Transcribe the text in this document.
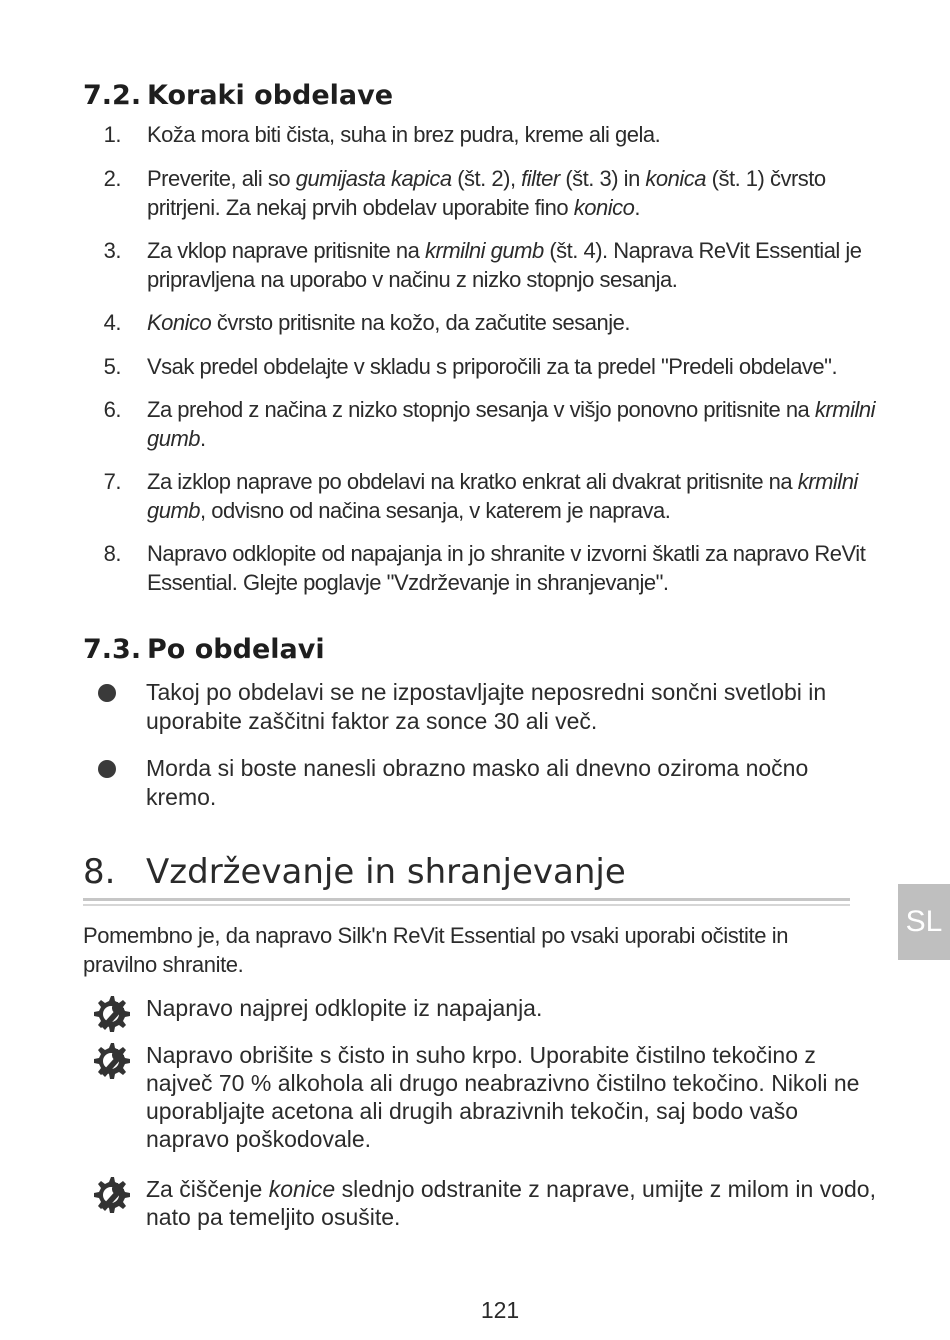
7.2. Koraki obdelave
1. Koža mora biti čista, suha in brez pudra, kreme ali gela.
2. Preverite, ali so gumijasta kapica (št. 2), filter (št. 3) in konica (št. 1) čvrsto pritrjeni. Za nekaj prvih obdelav uporabite fino konico.
3. Za vklop naprave pritisnite na krmilni gumb (št. 4). Naprava ReVit Essential je pripravljena na uporabo v načinu z nizko stopnjo sesanja.
4. Konico čvrsto pritisnite na kožo, da začutite sesanje.
5. Vsak predel obdelajte v skladu s priporočili za ta predel "Predeli obdelave".
6. Za prehod z načina z nizko stopnjo sesanja v višjo ponovno pritisnite na krmilni gumb.
7. Za izklop naprave po obdelavi na kratko enkrat ali dvakrat pritisnite na krmilni gumb, odvisno od načina sesanja, v katerem je naprava.
8. Napravo odklopite od napajanja in jo shranite v izvorni škatli za napravo ReVit Essential. Glejte poglavje "Vzdrževanje in shranjevanje".
7.3. Po obdelavi
Takoj po obdelavi se ne izpostavljajte neposredni sončni svetlobi in uporabite zaščitni faktor za sonce 30 ali več.
Morda si boste nanesli obrazno masko ali dnevno oziroma nočno kremo.
8. Vzdrževanje in shranjevanje
Pomembno je, da napravo Silk'n ReVit Essential po vsaki uporabi očistite in pravilno shranite.
Napravo najprej odklopite iz napajanja.
Napravo obrišite s čisto in suho krpo. Uporabite čistilno tekočino z največ 70 % alkohola ali drugo neabrazivno čistilno tekočino. Nikoli ne uporabljajte acetona ali drugih abrazivnih tekočin, saj bodo vašo napravo poškodovale.
Za čiščenje konice slednjo odstranite z naprave, umijte z milom in vodo, nato pa temeljito osušite.
SL
121
